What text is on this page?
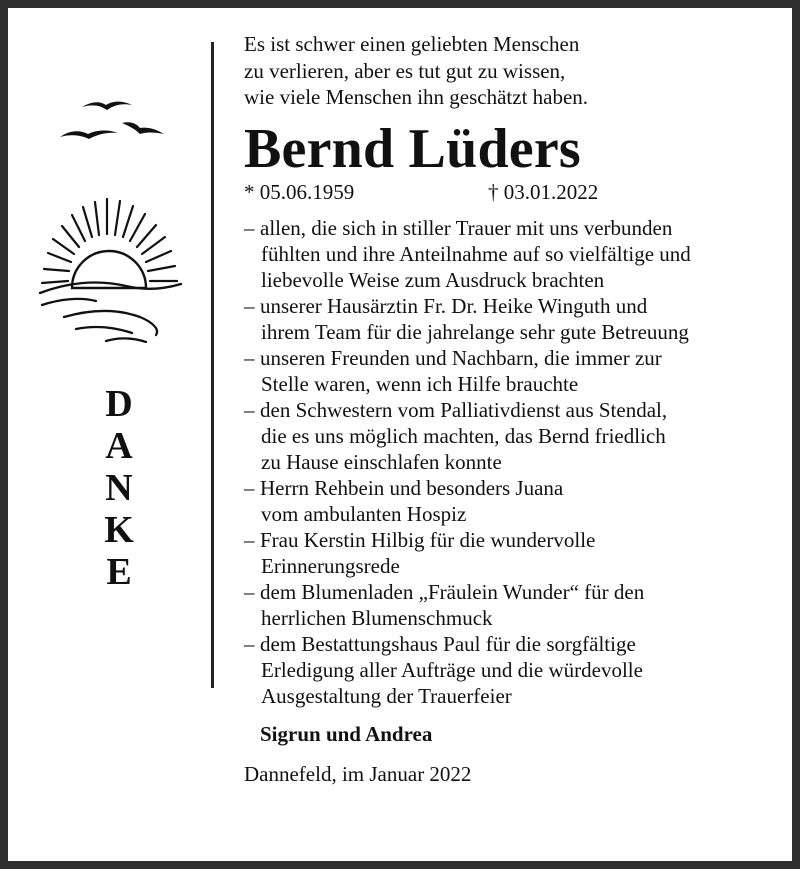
D
A
N
K
E
Es ist schwer einen geliebten Menschen
zu verlieren, aber es tut gut zu wissen,
wie viele Menschen ihn geschätzt haben.
Bernd Lüders
* 05.06.1959	† 03.01.2022
– allen, die sich in stiller Trauer mit uns verbunden
fühlten und ihre Anteilnahme auf so vielfältige und
liebevolle Weise zum Ausdruck brachten
– unserer Hausärztin Fr. Dr. Heike Winguth und
ihrem Team für die jahrelange sehr gute Betreuung
– unseren Freunden und Nachbarn, die immer zur
Stelle waren, wenn ich Hilfe brauchte
– den Schwestern vom Palliativdienst aus Stendal,
die es uns möglich machten, das Bernd friedlich
zu Hause einschlafen konnte
– Herrn Rehbein und besonders Juana
vom ambulanten Hospiz
– Frau Kerstin Hilbig für die wundervolle
Erinnerungsrede
– dem Blumenladen „Fräulein Wunder“ für den
herrlichen Blumenschmuck
– dem Bestattungshaus Paul für die sorgfältige
Erledigung aller Aufträge und die würdevolle
Ausgestaltung der Trauerfeier
Sigrun und Andrea
Dannefeld, im Januar 2022
